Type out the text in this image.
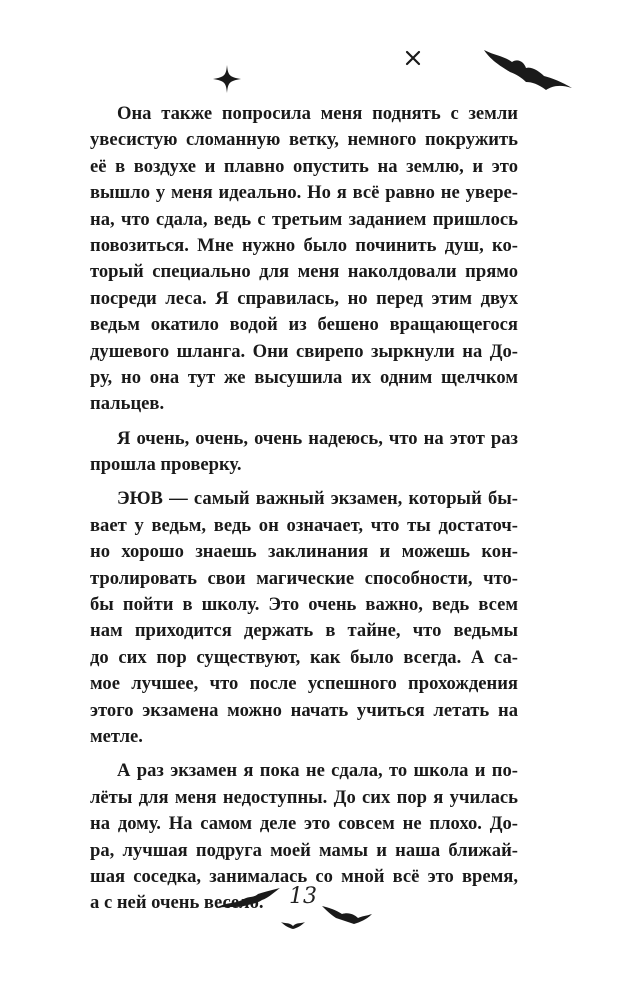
Она также попросила меня поднять с земли
увесистую сломанную ветку, немного покружить
её в воздухе и плавно опустить на землю, и это
вышло у меня идеально. Но я всё равно не увере-
на, что сдала, ведь с третьим заданием пришлось
повозиться. Мне нужно было починить душ, ко-
торый специально для меня наколдовали прямо
посреди леса. Я справилась, но перед этим двух
ведьм окатило водой из бешено вращающегося
душевого шланга. Они свирепо зыркнули на До-
ру, но она тут же высушила их одним щелчком
пальцев.
Я очень, очень, очень надеюсь, что на этот раз
прошла проверку.
ЭЮВ — самый важный экзамен, который бы-
вает у ведьм, ведь он означает, что ты достаточ-
но хорошо знаешь заклинания и можешь кон-
тролировать свои магические способности, что-
бы пойти в школу. Это очень важно, ведь всем
нам приходится держать в тайне, что ведьмы
до сих пор существуют, как было всегда. А са-
мое лучшее, что после успешного прохождения
этого экзамена можно начать учиться летать на
метле.
А раз экзамен я пока не сдала, то школа и по-
лёты для меня недоступны. До сих пор я училась
на дому. На самом деле это совсем не плохо. До-
ра, лучшая подруга моей мамы и наша ближай-
шая соседка, занималась со мной всё это время,
а с ней очень весело.	13
